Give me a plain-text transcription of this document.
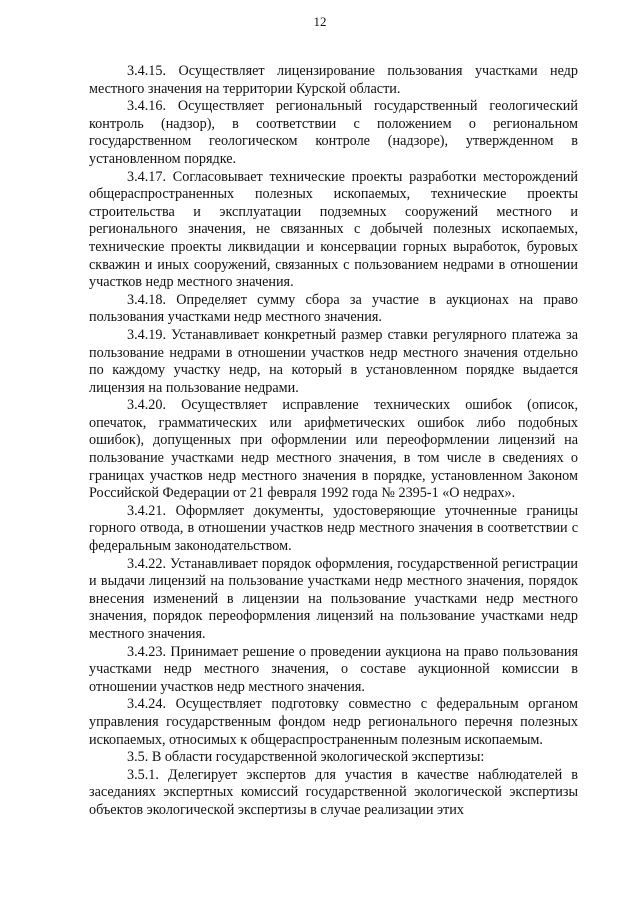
12

3.4.15. Осуществляет лицензирование пользования участками недр местного значения на территории Курской области.

3.4.16. Осуществляет региональный государственный геологический контроль (надзор), в соответствии с положением о региональном государственном геологическом контроле (надзоре), утвержденном в установленном порядке.

3.4.17. Согласовывает технические проекты разработки месторождений общераспространенных полезных ископаемых, технические проекты строительства и эксплуатации подземных сооружений местного и регионального значения, не связанных с добычей полезных ископаемых, технические проекты ликвидации и консервации горных выработок, буровых скважин и иных сооружений, связанных с пользованием недрами в отношении участков недр местного значения.

3.4.18. Определяет сумму сбора за участие в аукционах на право пользования участками недр местного значения.

3.4.19. Устанавливает конкретный размер ставки регулярного платежа за пользование недрами в отношении участков недр местного значения отдельно по каждому участку недр, на который в установленном порядке выдается лицензия на пользование недрами.

3.4.20. Осуществляет исправление технических ошибок (описок, опечаток, грамматических или арифметических ошибок либо подобных ошибок), допущенных при оформлении или переоформлении лицензий на пользование участками недр местного значения, в том числе в сведениях о границах участков недр местного значения в порядке, установленном Законом Российской Федерации от 21 февраля 1992 года № 2395-1 «О недрах».

3.4.21. Оформляет документы, удостоверяющие уточненные границы горного отвода, в отношении участков недр местного значения в соответствии с федеральным законодательством.

3.4.22. Устанавливает порядок оформления, государственной регистрации и выдачи лицензий на пользование участками недр местного значения, порядок внесения изменений в лицензии на пользование участками недр местного значения, порядок переоформления лицензий на пользование участками недр местного значения.

3.4.23. Принимает решение о проведении аукциона на право пользования участками недр местного значения, о составе аукционной комиссии в отношении участков недр местного значения.

3.4.24. Осуществляет подготовку совместно с федеральным органом управления государственным фондом недр регионального перечня полезных ископаемых, относимых к общераспространенным полезным ископаемым.

3.5. В области государственной экологической экспертизы:

3.5.1. Делегирует экспертов для участия в качестве наблюдателей в заседаниях экспертных комиссий государственной экологической экспертизы объектов экологической экспертизы в случае реализации этих
